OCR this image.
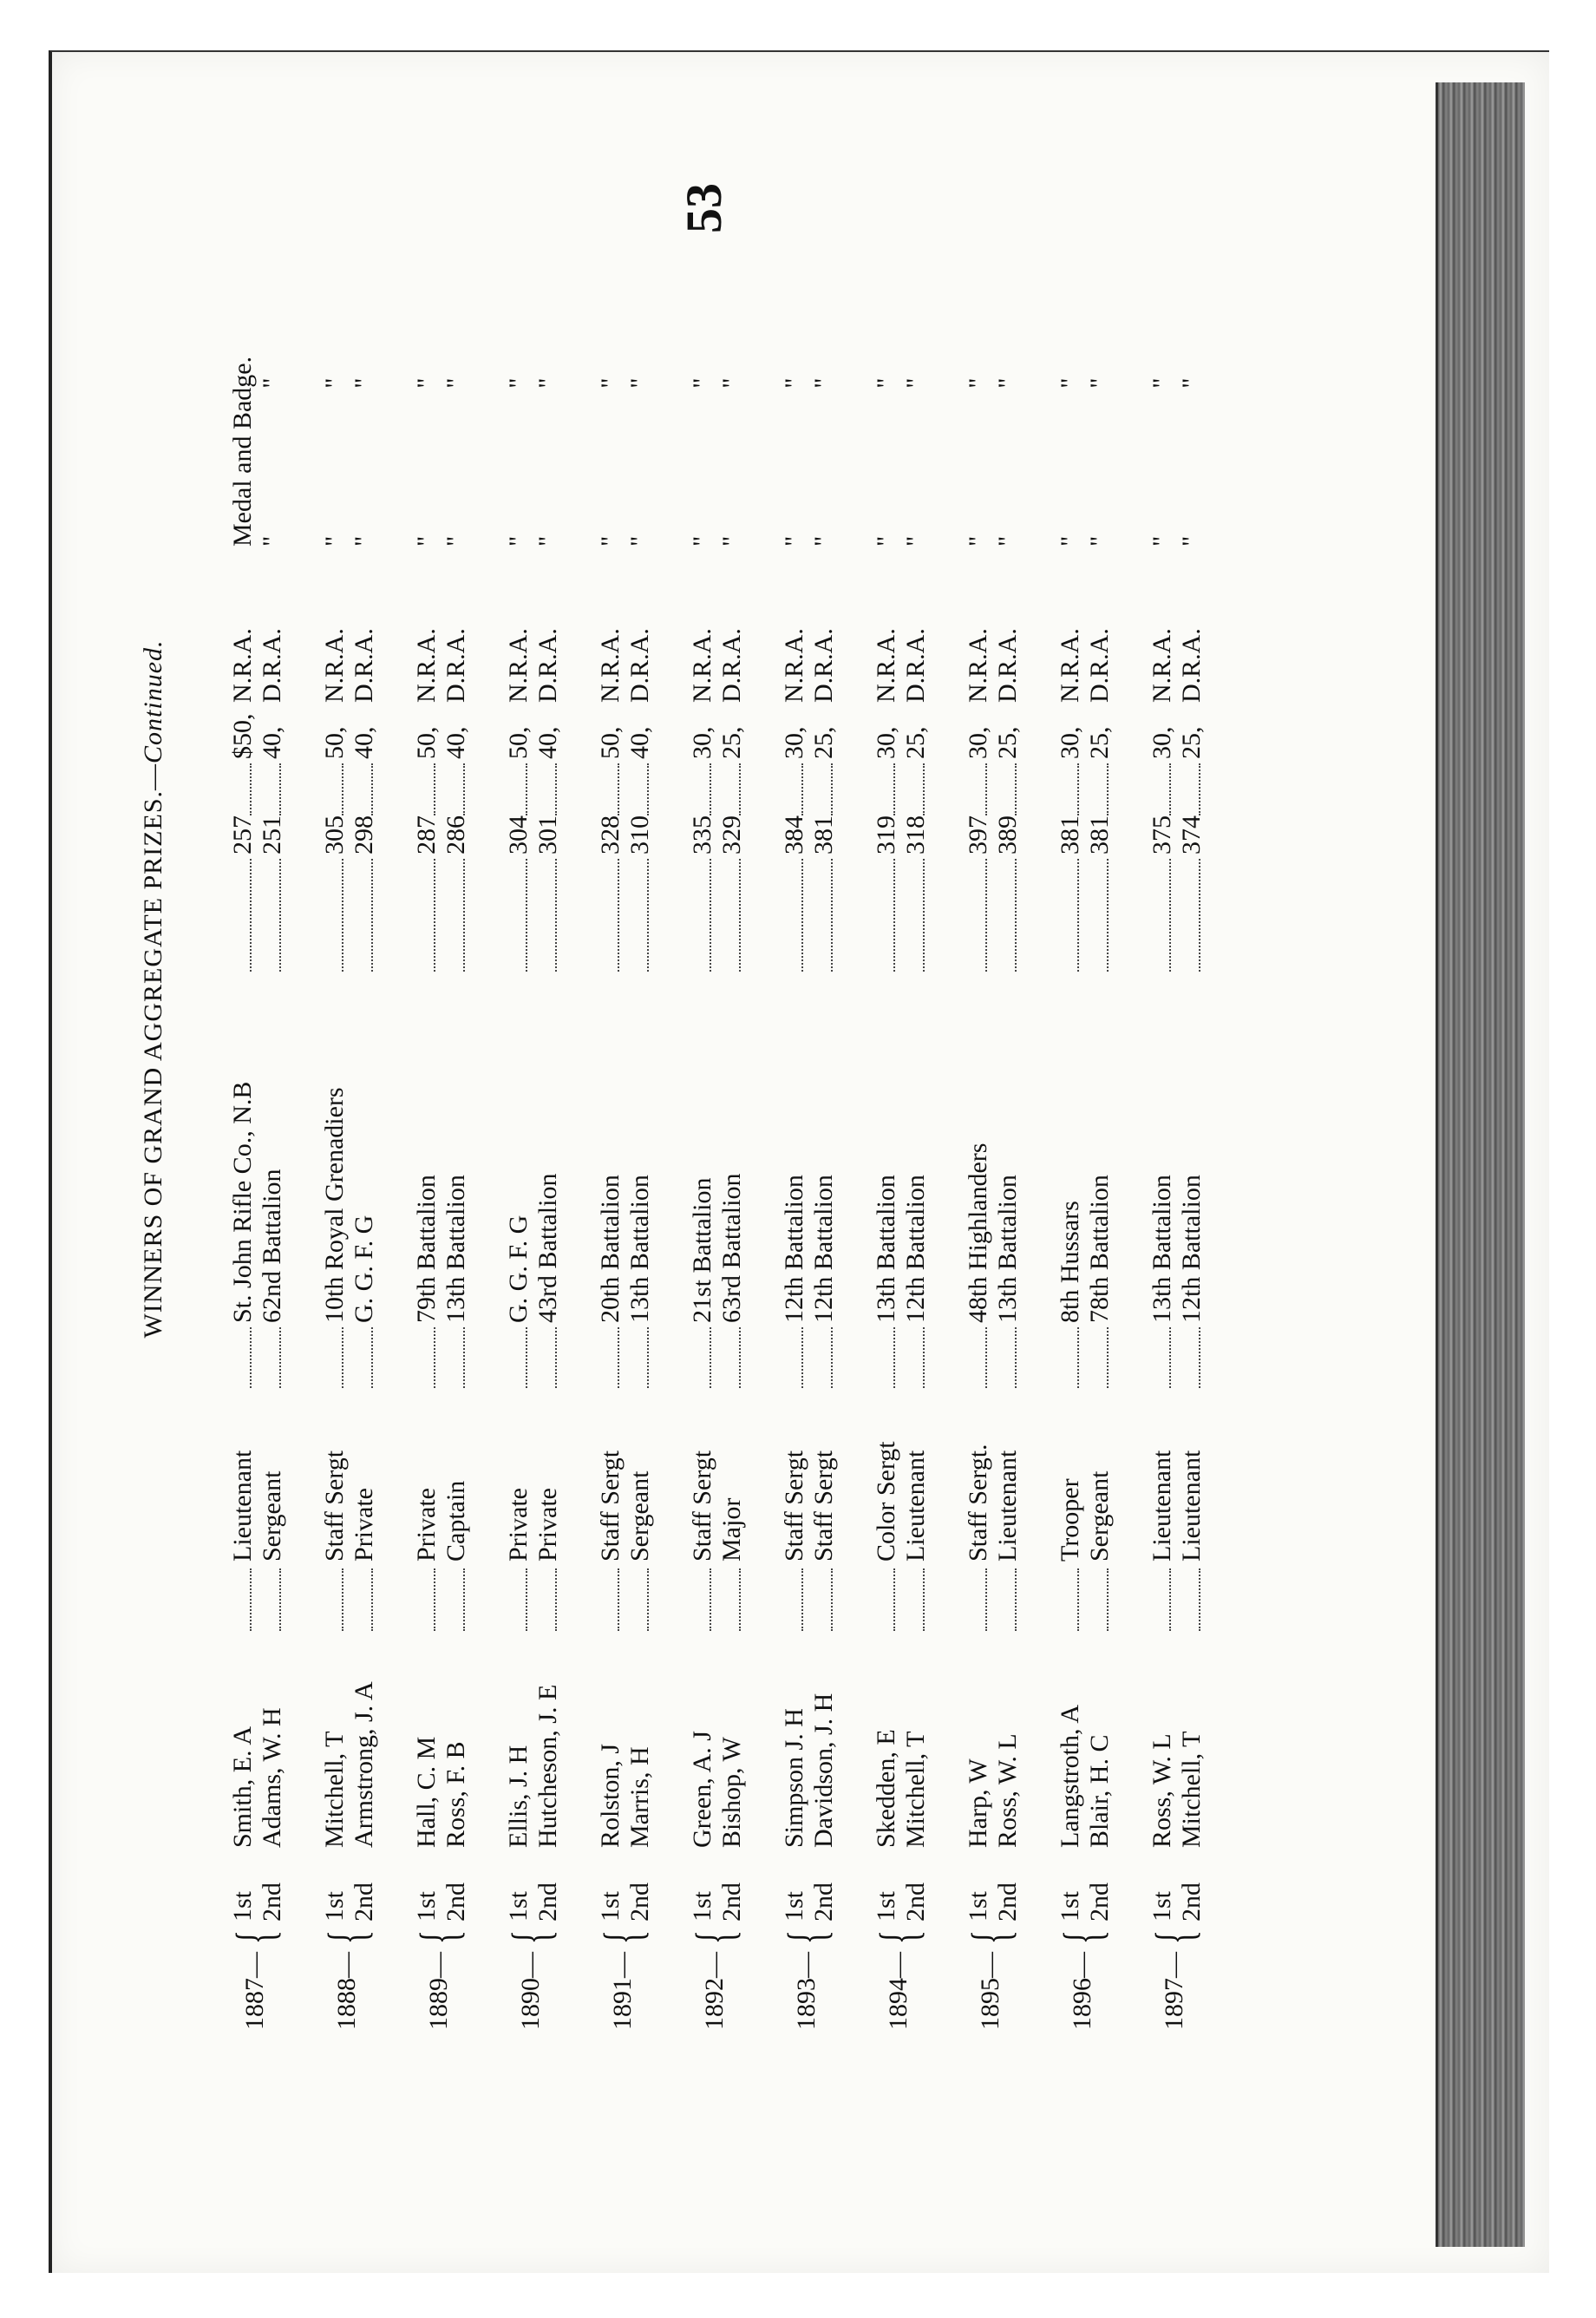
53
WINNERS OF GRAND AGGREGATE PRIZES.—Continued.
1887—
{
1st
Smith, E. A
Lieutenant
St. John Rifle Co., N.B
257
$50,
N.R.A.
Medal and Badge.
2nd
Adams, W. H
Sergeant
62nd Battalion
251
40,
D.R.A.
""
1888—
{
1st
Mitchell, T
Staff Sergt
10th Royal Grenadiers
305
50,
N.R.A.
""
2nd
Armstrong, J. A
Private
G. G. F. G
298
40,
D.R.A.
""
1889—
{
1st
Hall, C. M
Private
79th Battalion
287
50,
N.R.A.
""
2nd
Ross, F. B
Captain
13th Battalion
286
40,
D.R.A.
""
1890—
{
1st
Ellis, J. H
Private
G. G. F. G
304
50,
N.R.A.
""
2nd
Hutcheson, J. E
Private
43rd Battalion
301
40,
D.R.A.
""
1891—
{
1st
Rolston, J
Staff Sergt
20th Battalion
328
50,
N.R.A.
""
2nd
Marris, H
Sergeant
13th Battalion
310
40,
D.R.A.
""
1892—
{
1st
Green, A. J
Staff Sergt
21st Battalion
335
30,
N.R.A.
""
2nd
Bishop, W
Major
63rd Battalion
329
25,
D.R.A.
""
1893—
{
1st
Simpson J. H
Staff Sergt
12th Battalion
384
30,
N.R.A.
""
2nd
Davidson, J. H
Staff Sergt
12th Battalion
381
25,
D.R.A.
""
1894—
{
1st
Skedden, E
Color Sergt
13th Battalion
319
30,
N.R.A.
""
2nd
Mitchell, T
Lieutenant
12th Battalion
318
25,
D.R.A.
""
1895—
{
1st
Harp, W
Staff Sergt.
48th Highlanders
397
30,
N.R.A.
""
2nd
Ross, W. L
Lieutenant
13th Battalion
389
25,
D.R.A.
""
1896—
{
1st
Langstroth, A
Trooper
8th Hussars
381
30,
N.R.A.
""
2nd
Blair, H. C
Sergeant
78th Battalion
381
25,
D.R.A.
""
1897—
{
1st
Ross, W. L
Lieutenant
13th Battalion
375
30,
N.R.A.
""
2nd
Mitchell, T
Lieutenant
12th Battalion
374
25,
D.R.A.
""
